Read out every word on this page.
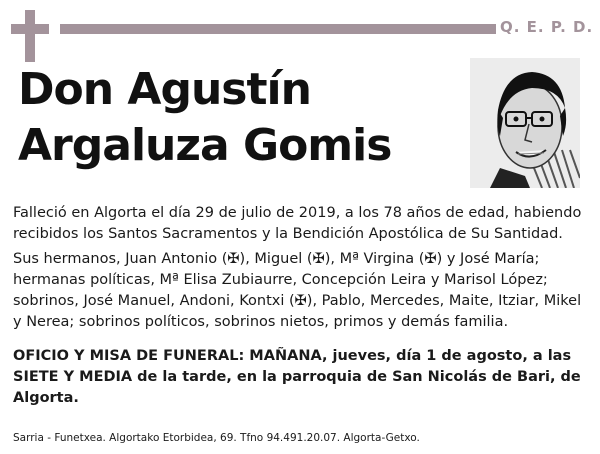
Q. E. P. D.
Don Agustín
Argaluza Gomis
Falleció en Algorta el día 29 de julio de 2019, a los 78 años de edad, habiendo recibidos los Santos Sacramentos y la Bendición Apostólica de Su Santidad.
Sus hermanos, Juan Antonio (✠), Miguel (✠), Mª Virgina (✠) y José María; hermanas políticas, Mª Elisa Zubiaurre, Concepción Leira y Marisol López; sobrinos, José Manuel, Andoni, Kontxi (✠), Pablo, Mercedes, Maite, Itziar, Mikel y Nerea; sobrinos políticos, sobrinos nietos, primos y demás familia.
OFICIO Y MISA DE FUNERAL: MAÑANA, jueves, día 1 de agosto, a las SIETE Y MEDIA de la tarde, en la parroquia de San Nicolás de Bari, de Algorta.
Sarria - Funetxea. Algortako Etorbidea, 69. Tfno 94.491.20.07. Algorta-Getxo.
